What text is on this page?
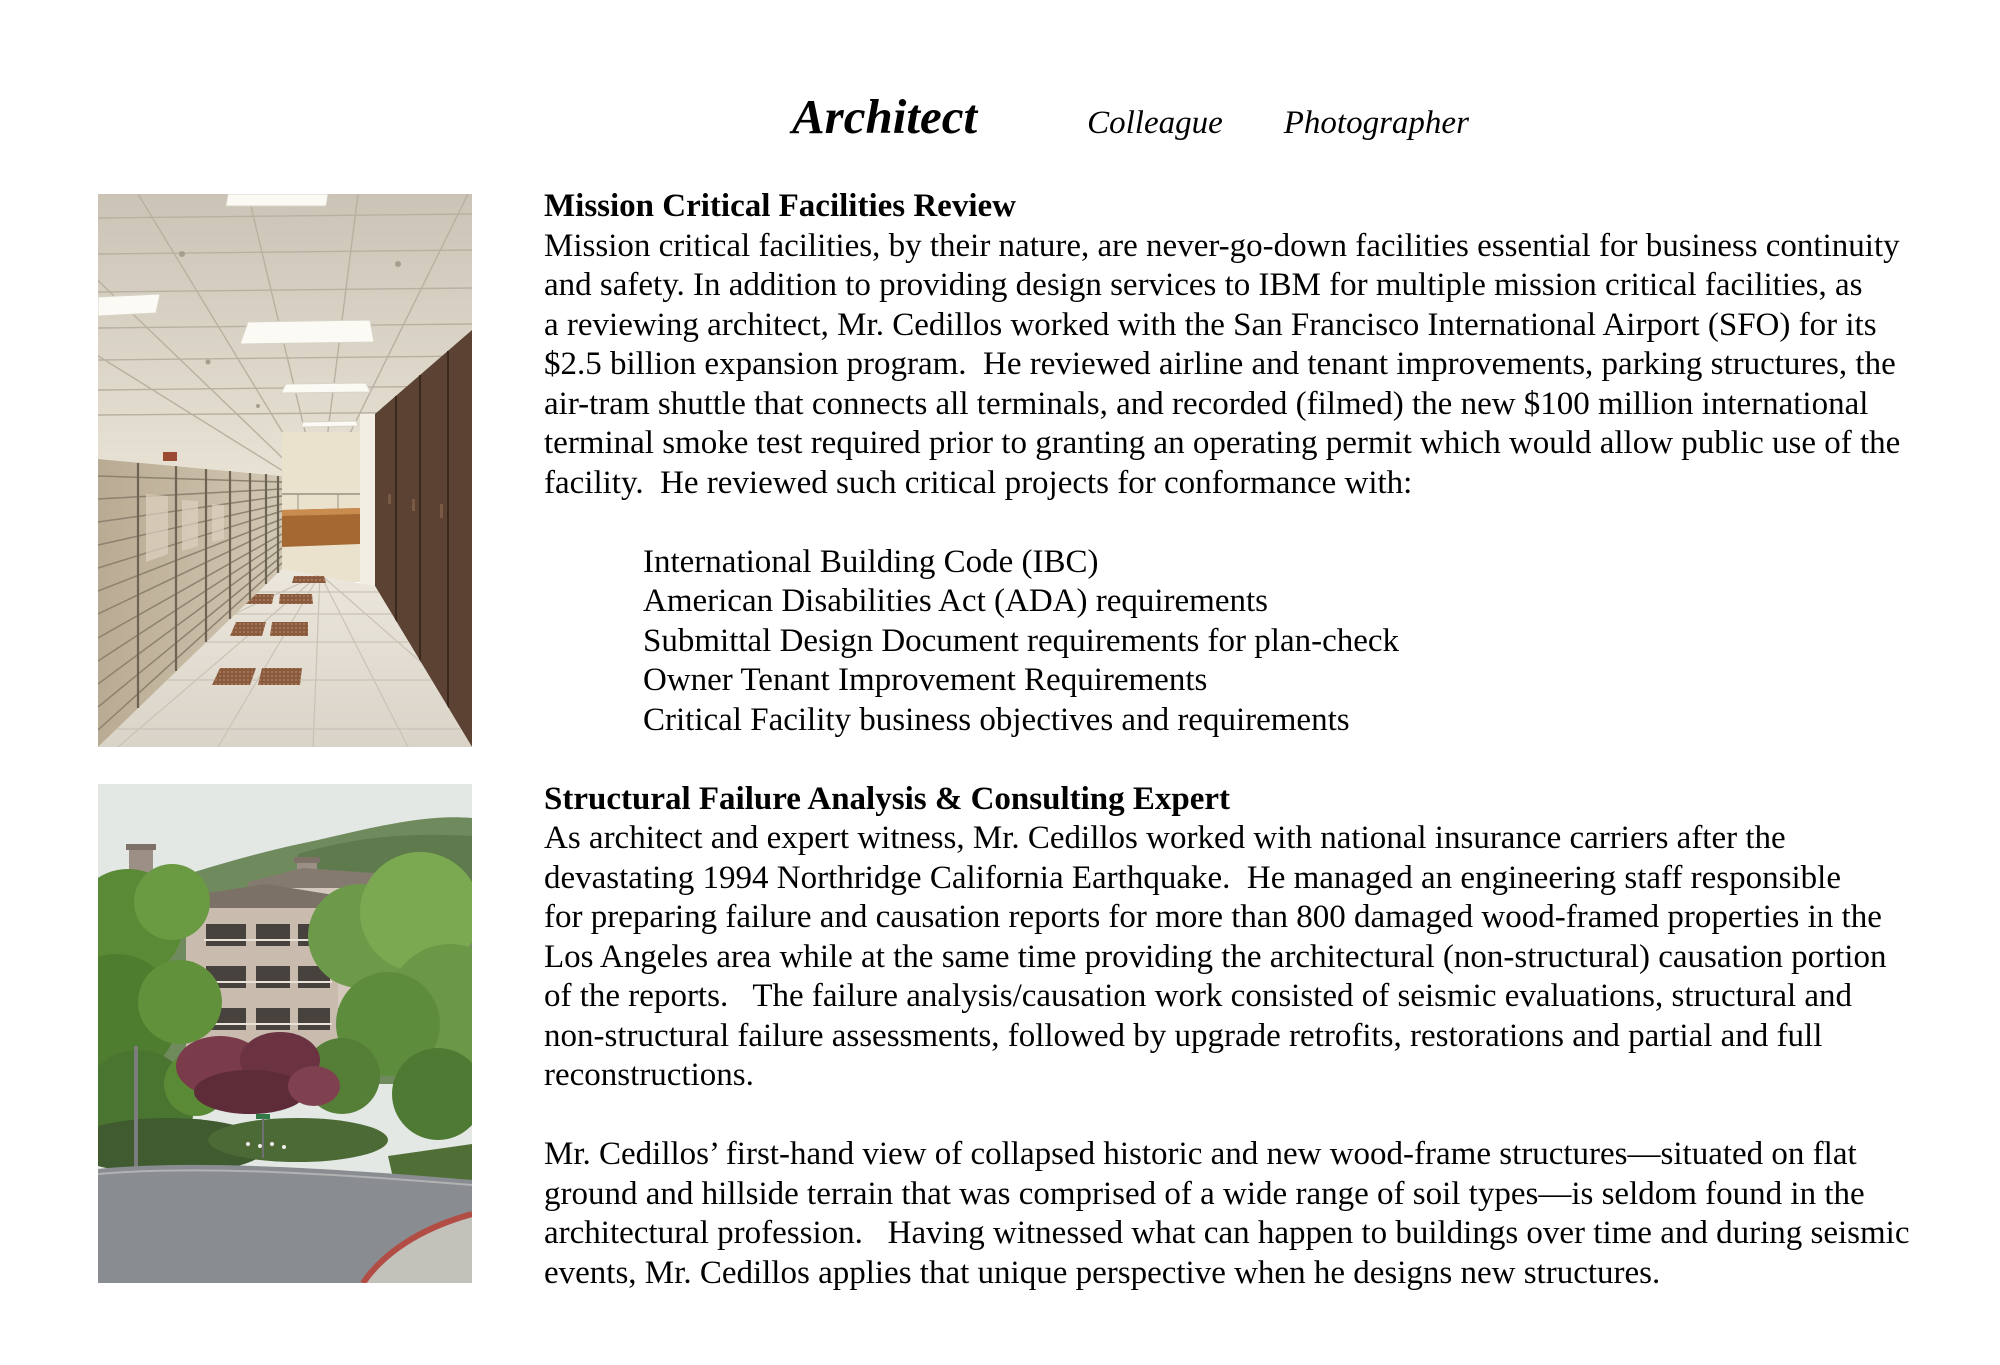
Architect	Colleague Photographer
Mission Critical Facilities Review
Mission critical facilities, by their nature, are never-go-down facilities essential for business continuity
and safety. In addition to providing design services to IBM for multiple mission critical facilities, as
a reviewing architect, Mr. Cedillos worked with the San Francisco International Airport (SFO) for its
$2.5 billion expansion program.  He reviewed airline and tenant improvements, parking structures, the
air-tram shuttle that connects all terminals, and recorded (filmed) the new $100 million international
terminal smoke test required prior to granting an operating permit which would allow public use of the
facility.  He reviewed such critical projects for conformance with:
International Building Code (IBC)
American Disabilities Act (ADA) requirements
Submittal Design Document requirements for plan-check
Owner Tenant Improvement Requirements
Critical Facility business objectives and requirements
Structural Failure Analysis & Consulting Expert
As architect and expert witness, Mr. Cedillos worked with national insurance carriers after the
devastating 1994 Northridge California Earthquake.  He managed an engineering staff responsible
for preparing failure and causation reports for more than 800 damaged wood-framed properties in the
Los Angeles area while at the same time providing the architectural (non-structural) causation portion
of the reports.   The failure analysis/causation work consisted of seismic evaluations, structural and
non-structural failure assessments, followed by upgrade retrofits, restorations and partial and full
reconstructions.
Mr. Cedillos’ first-hand view of collapsed historic and new wood-frame structures—situated on flat
ground and hillside terrain that was comprised of a wide range of soil types—is seldom found in the
architectural profession.   Having witnessed what can happen to buildings over time and during seismic
events, Mr. Cedillos applies that unique perspective when he designs new structures.
